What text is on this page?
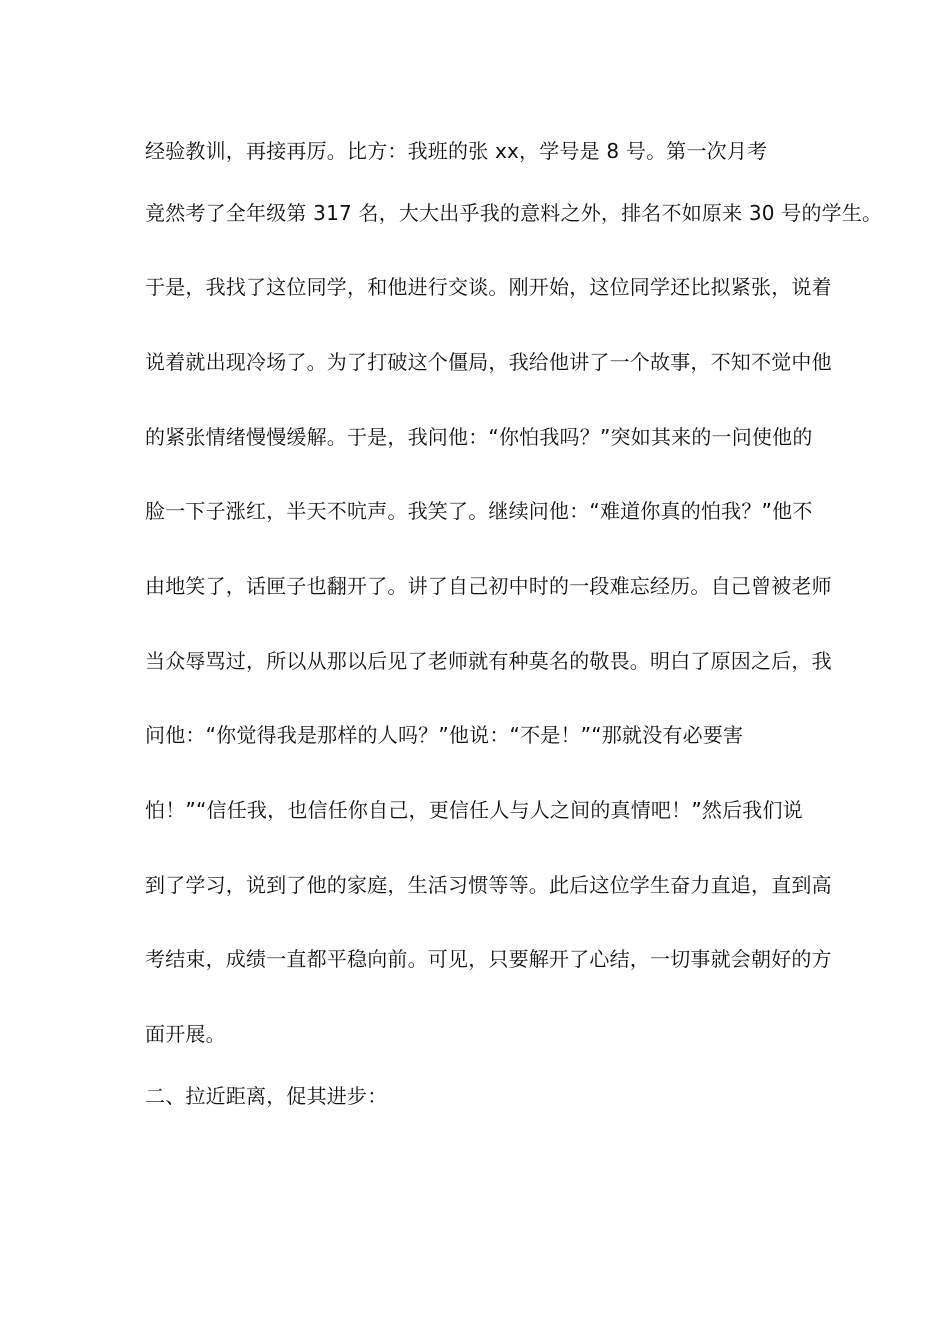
经验教训，再接再厉。比方：我班的张 xx，学号是 8 号。第一次月考
竟然考了全年级第 317 名，大大出乎我的意料之外，排名不如原来 30 号的学生。
于是，我找了这位同学，和他进行交谈。刚开始，这位同学还比拟紧张，说着
说着就出现冷场了。为了打破这个僵局，我给他讲了一个故事，不知不觉中他
的紧张情绪慢慢缓解。于是，我问他：“你怕我吗？”突如其来的一问使他的
脸一下子涨红，半天不吭声。我笑了。继续问他：“难道你真的怕我？”他不
由地笑了，话匣子也翻开了。讲了自己初中时的一段难忘经历。自己曾被老师
当众辱骂过，所以从那以后见了老师就有种莫名的敬畏。明白了原因之后，我
问他：“你觉得我是那样的人吗？”他说：“不是！”“那就没有必要害
怕！”“信任我，也信任你自己，更信任人与人之间的真情吧！”然后我们说
到了学习，说到了他的家庭，生活习惯等等。此后这位学生奋力直追，直到高
考结束，成绩一直都平稳向前。可见，只要解开了心结，一切事就会朝好的方
面开展。
二、拉近距离，促其进步：
